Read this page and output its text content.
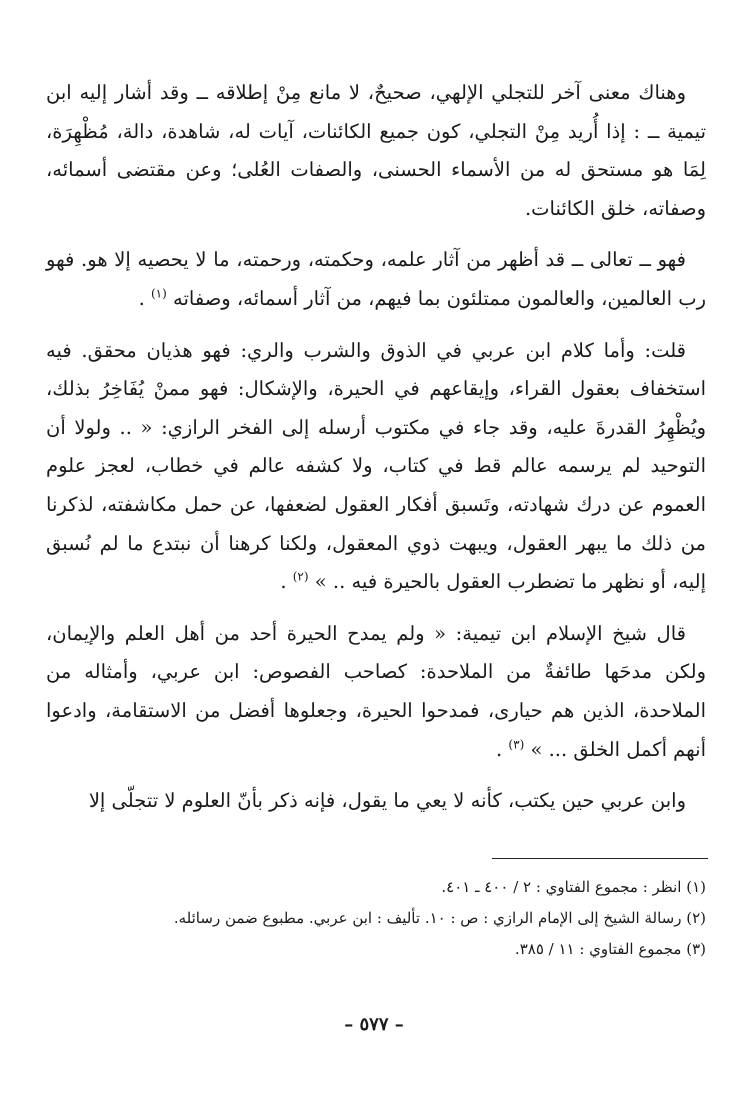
وهناك معنى آخر للتجلي الإلهي، صحيحٌ، لا مانع مِنْ إطلاقه ــ وقد أشار إليه ابن تيمية ــ : إذا أُريد مِنْ التجلي، كون جميع الكائنات، آيات له، شاهدة، دالة، مُظْهِرَة، لِمَا هو مستحق له من الأسماء الحسنى، والصفات العُلى؛ وعن مقتضى أسمائه، وصفاته، خلق الكائنات.

فهو ــ تعالى ــ قد أظهر من آثار علمه، وحكمته، ورحمته، ما لا يحصيه إلا هو. فهو رب العالمين، والعالمون ممتلئون بما فيهم، من آثار أسمائه، وصفاته $^{(١)}$ .

قلت: وأما كلام ابن عربي في الذوق والشرب والري: فهو هذيان محقق. فيه استخفاف بعقول القراء، وإيقاعهم في الحيرة، والإشكال: فهو ممنْ يُفَاخِرُ بذلك، ويُظْهِرُ القدرةَ عليه، وقد جاء في مكتوب أرسله إلى الفخر الرازي: « .. ولولا أن التوحيد لم يرسمه عالم قط في كتاب، ولا كشفه عالم في خطاب، لعجز علوم العموم عن درك شهادته، وتَسبق أفكار العقول لضعفها، عن حمل مكاشفته، لذكرنا من ذلك ما يبهر العقول، ويبهت ذوي المعقول، ولكنا كرهنا أن نبتدع ما لم نُسبق إليه، أو نظهر ما تضطرب العقول بالحيرة فيه .. » $^{(٢)}$ .

قال شيخ الإسلام ابن تيمية: « ولم يمدح الحيرة أحد من أهل العلم والإيمان، ولكن مدحَها طائفةٌ من الملاحدة: كصاحب الفصوص: ابن عربي، وأمثاله من الملاحدة، الذين هم حيارى، فمدحوا الحيرة، وجعلوها أفضل من الاستقامة، وادعوا أنهم أكمل الخلق ... » $^{(٣)}$ .

وابن عربي حين يكتب، كأنه لا يعي ما يقول، فإنه ذكر بأنّ العلوم لا تتجلّى إلا

(١) انظر : مجموع الفتاوي : ٢ / ٤٠٠ ـ ٤٠١.

(٢) رسالة الشيخ إلى الإمام الرازي : ص : ١٠. تأليف : ابن عربي. مطبوع ضمن رسائله.

(٣) مجموع الفتاوي : ١١ / ٣٨٥.

– ٥٧٧ –
